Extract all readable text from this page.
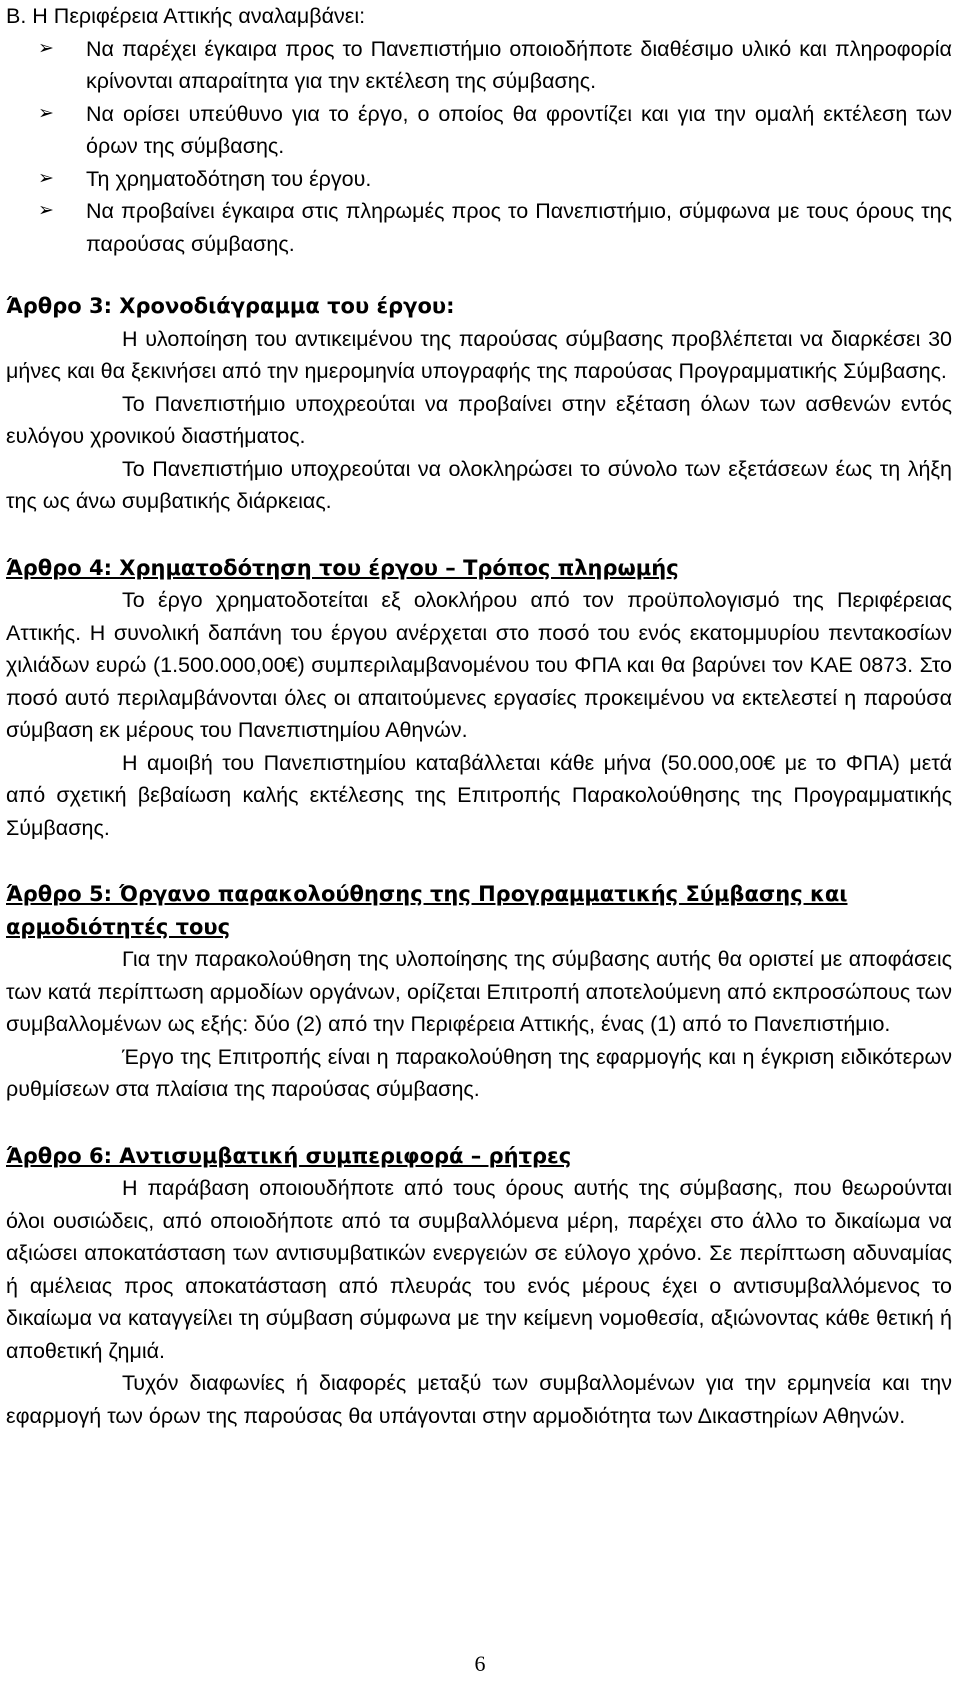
Β. Η Περιφέρεια Αττικής αναλαμβάνει:

➢	Να παρέχει έγκαιρα προς το Πανεπιστήμιο οποιοδήποτε διαθέσιμο υλικό και πληροφορία κρίνονται απαραίτητα για την εκτέλεση της σύμβασης.
➢	Να ορίσει υπεύθυνο για το έργο, ο οποίος θα φροντίζει και για την ομαλή εκτέλεση των όρων της σύμβασης.
➢	Τη χρηματοδότηση του έργου.
➢	Να προβαίνει έγκαιρα στις πληρωμές προς το Πανεπιστήμιο, σύμφωνα με τους όρους της παρούσας σύμβασης.

Άρθρο 3: Χρονοδιάγραμμα του έργου:

Η υλοποίηση του αντικειμένου της παρούσας σύμβασης προβλέπεται να διαρκέσει 30 μήνες και θα ξεκινήσει από την ημερομηνία υπογραφής της παρούσας Προγραμματικής Σύμβασης.

Το Πανεπιστήμιο υποχρεούται να προβαίνει στην εξέταση όλων των ασθενών εντός ευλόγου χρονικού διαστήματος.

Το Πανεπιστήμιο υποχρεούται να ολοκληρώσει το σύνολο των εξετάσεων έως τη λήξη της ως άνω συμβατικής διάρκειας.

Άρθρο 4: Χρηματοδότηση του έργου – Τρόπος πληρωμής

Το έργο χρηματοδοτείται εξ ολοκλήρου από τον προϋπολογισμό της Περιφέρειας Αττικής. Η συνολική δαπάνη του έργου ανέρχεται στο ποσό του ενός εκατομμυρίου πεντακοσίων χιλιάδων ευρώ (1.500.000,00€) συμπεριλαμβανομένου του ΦΠΑ και θα βαρύνει τον ΚΑΕ 0873. Στο ποσό αυτό περιλαμβάνονται όλες οι απαιτούμενες εργασίες προκειμένου να εκτελεστεί η παρούσα σύμβαση εκ μέρους του Πανεπιστημίου Αθηνών.

Η αμοιβή του Πανεπιστημίου καταβάλλεται κάθε μήνα (50.000,00€ με το ΦΠΑ) μετά από σχετική βεβαίωση καλής εκτέλεσης της Επιτροπής Παρακολούθησης της Προγραμματικής Σύμβασης.

Άρθρο 5: Όργανο παρακολούθησης της Προγραμματικής Σύμβασης και αρμοδιότητές τους

Για την παρακολούθηση της υλοποίησης της σύμβασης αυτής θα οριστεί με αποφάσεις των κατά περίπτωση αρμοδίων οργάνων, ορίζεται Επιτροπή αποτελούμενη από εκπροσώπους των συμβαλλομένων ως εξής: δύο (2) από την Περιφέρεια Αττικής, ένας (1) από το Πανεπιστήμιο.

Έργο της Επιτροπής είναι η παρακολούθηση της εφαρμογής και η έγκριση ειδικότερων ρυθμίσεων στα πλαίσια της παρούσας σύμβασης.

Άρθρο 6: Αντισυμβατική συμπεριφορά – ρήτρες

Η παράβαση οποιουδήποτε από τους όρους αυτής της σύμβασης, που θεωρούνται όλοι ουσιώδεις, από οποιοδήποτε από τα συμβαλλόμενα μέρη, παρέχει στο άλλο το δικαίωμα να αξιώσει αποκατάσταση των αντισυμβατικών ενεργειών σε εύλογο χρόνο. Σε περίπτωση αδυναμίας ή αμέλειας προς αποκατάσταση από πλευράς του ενός μέρους έχει ο αντισυμβαλλόμενος το δικαίωμα να καταγγείλει τη σύμβαση σύμφωνα με την κείμενη νομοθεσία, αξιώνοντας κάθε θετική ή αποθετική ζημιά.

Τυχόν διαφωνίες ή διαφορές μεταξύ των συμβαλλομένων για την ερμηνεία και την εφαρμογή των όρων της παρούσας θα υπάγονται στην αρμοδιότητα των Δικαστηρίων Αθηνών.

6
